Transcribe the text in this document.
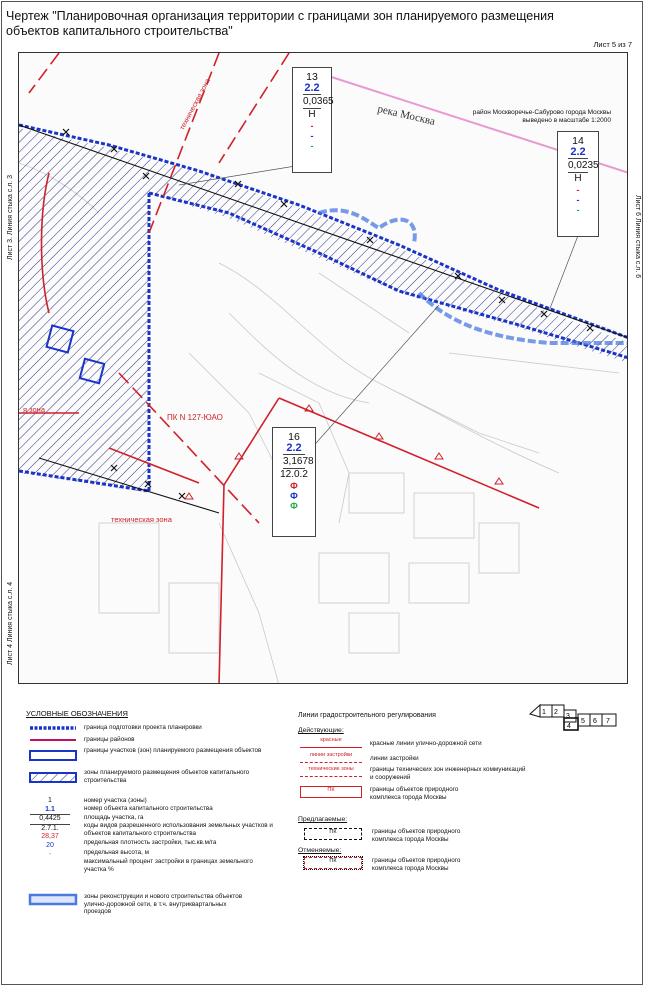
Чертеж "Планировочная организация территории с границами зон планируемого размещения объектов капитального строительства"
Лист 5 из 7
река Москва
техническая зона
техническая зона
ПК N 127-ЮАО
я зона
район Москворечье-Сабурово города Москвы
выведено в масштабе 1:2000
13
2.2
0,0365
Н
-
-
-	14
2.2
0,0235
Н
-
-
-
16
2.2
3,1678
12.0.2
Ф
Ф
Ф
Лист 3. Линия стыка с.л. 3
Лист 4 Линия стыка с.л. 4
Лист 6 Линия стыка с.л. 6
УСЛОВНЫЕ ОБОЗНАЧЕНИЯ
граница подготовки проекта планировки
границы районов
границы участков (зон) планируемого размещения объектов
зоны планируемого размещения объектов капитального строительства
1
1.1
0,4425
2.7.1.
28,37
20
-
номер участка (зоны)
номер объекта капитального строительства
площадь участка, га
коды видов разрешенного использования земельных участков и объектов капитального строительства
предельная плотность застройки, тыс.кв.м/га
предельная высота, м
максимальный процент застройки в границах земельного участка %
зоны реконструкции и нового строительства объектов улично-дорожной сети, в т.ч. внутриквартальных проездов
Линии градостроительного регулирования
Действующие:
красные	красные линии улично-дорожной сети
линии застройки	линии застройки
технические зоны	границы технических зон инженерных коммуникаций и сооружений
ПК	границы объектов природного комплекса города Москвы
Предлагаемые:
ПК	границы объектов природного комплекса города Москвы
Отменяемые:
ПК	границы объектов природного комплекса города Москвы
1 2
3
4
5 6 7
